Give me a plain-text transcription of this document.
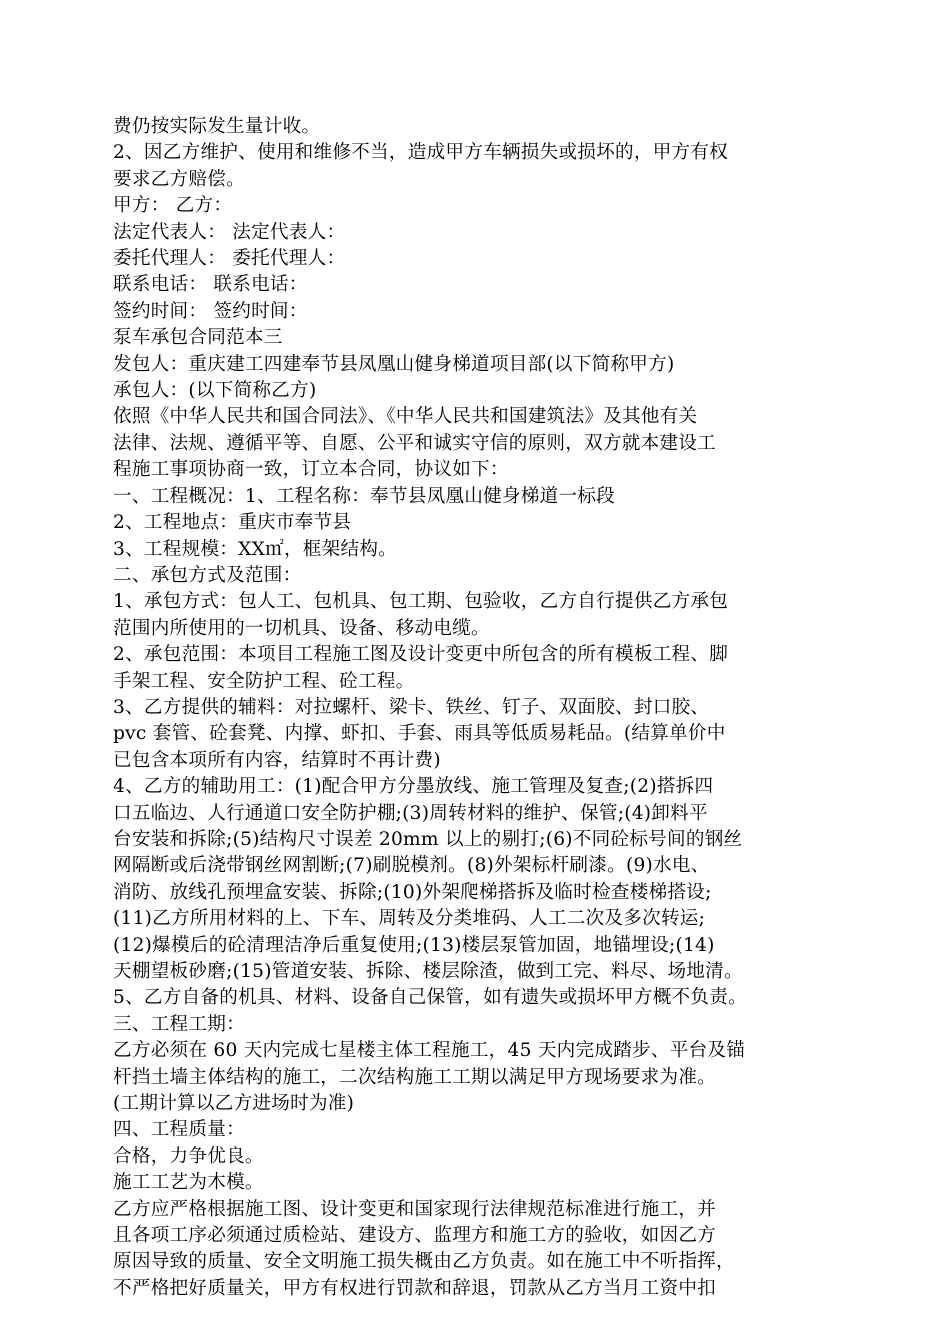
费仍按实际发生量计收。

2、因乙方维护、使用和维修不当，造成甲方车辆损失或损坏的，甲方有权

要求乙方赔偿。

甲方： 乙方：

法定代表人： 法定代表人：

委托代理人： 委托代理人：

联系电话： 联系电话：

签约时间： 签约时间：

泵车承包合同范本三

发包人：重庆建工四建奉节县凤凰山健身梯道项目部(以下简称甲方)

承包人：(以下简称乙方)

依照《中华人民共和国合同法》、《中华人民共和国建筑法》及其他有关

法律、法规、遵循平等、自愿、公平和诚实守信的原则，双方就本建设工

程施工事项协商一致，订立本合同，协议如下：

一、工程概况：1、工程名称：奉节县凤凰山健身梯道一标段

2、工程地点：重庆市奉节县

3、工程规模：XX㎡，框架结构。

二、承包方式及范围：

1、承包方式：包人工、包机具、包工期、包验收，乙方自行提供乙方承包

范围内所使用的一切机具、设备、移动电缆。

2、承包范围：本项目工程施工图及设计变更中所包含的所有模板工程、脚

手架工程、安全防护工程、砼工程。

3、乙方提供的辅料：对拉螺杆、梁卡、铁丝、钉子、双面胶、封口胶、

pvc 套管、砼套凳、内撑、虾扣、手套、雨具等低质易耗品。(结算单价中

已包含本项所有内容，结算时不再计费)

4、乙方的辅助用工：(1)配合甲方分墨放线、施工管理及复查;(2)搭拆四

口五临边、人行通道口安全防护棚;(3)周转材料的维护、保管;(4)卸料平

台安装和拆除;(5)结构尺寸误差 20mm 以上的剔打;(6)不同砼标号间的钢丝

网隔断或后浇带钢丝网割断;(7)刷脱模剂。(8)外架标杆刷漆。(9)水电、

消防、放线孔预埋盒安装、拆除;(10)外架爬梯搭拆及临时检查楼梯搭设;

(11)乙方所用材料的上、下车、周转及分类堆码、人工二次及多次转运;

(12)爆模后的砼清理洁净后重复使用;(13)楼层泵管加固，地锚埋设;(14)

天棚望板砂磨;(15)管道安装、拆除、楼层除渣，做到工完、料尽、场地清。

5、乙方自备的机具、材料、设备自己保管，如有遗失或损坏甲方概不负责。

三、工程工期：

乙方必须在 60 天内完成七星楼主体工程施工，45 天内完成踏步、平台及锚

杆挡土墙主体结构的施工，二次结构施工工期以满足甲方现场要求为准。

(工期计算以乙方进场时为准)

四、工程质量：

合格，力争优良。

施工工艺为木模。

乙方应严格根据施工图、设计变更和国家现行法律规范标准进行施工，并

且各项工序必须通过质检站、建设方、监理方和施工方的验收，如因乙方

原因导致的质量、安全文明施工损失概由乙方负责。如在施工中不听指挥，

不严格把好质量关，甲方有权进行罚款和辞退，罚款从乙方当月工资中扣
